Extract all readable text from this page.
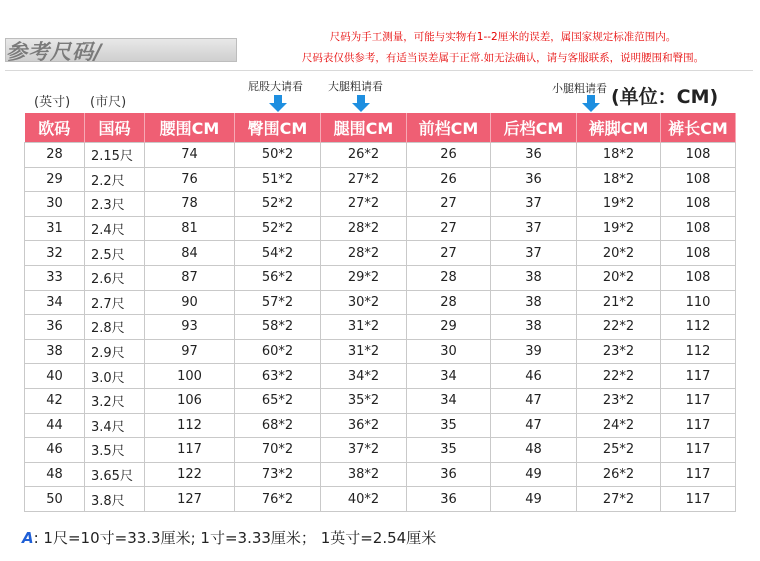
参考尺码/
尺码为手工测量，可能与实物有1--2厘米的误差，属国家规定标准范围内。
尺码表仅供参考，有适当误差属于正常.如无法确认，请与客服联系，说明腰围和臀围。
(英寸) (市尺)
屁股大请看 大腿粗请看	小腿粗请看 (单位：CM)
欧码	国码	腰围CM	臀围CM	腿围CM	前档CM	后档CM	裤脚CM	裤长CM
28	2.15尺	74	50*2	26*2	26	36	18*2	108
29	2.2尺	76	51*2	27*2	26	36	18*2	108
30	2.3尺	78	52*2	27*2	27	37	19*2	108
31	2.4尺	81	52*2	28*2	27	37	19*2	108
32	2.5尺	84	54*2	28*2	27	37	20*2	108
33	2.6尺	87	56*2	29*2	28	38	20*2	108
34	2.7尺	90	57*2	30*2	28	38	21*2	110
36	2.8尺	93	58*2	31*2	29	38	22*2	112
38	2.9尺	97	60*2	31*2	30	39	23*2	112
40	3.0尺	100	63*2	34*2	34	46	22*2	117
42	3.2尺	106	65*2	35*2	34	47	23*2	117
44	3.4尺	112	68*2	36*2	35	47	24*2	117
46	3.5尺	117	70*2	37*2	35	48	25*2	117
48	3.65尺	122	73*2	38*2	36	49	26*2	117
50	3.8尺	127	76*2	40*2	36	49	27*2	117
A: 1尺=10寸=33.3厘米; 1寸=3.33厘米； 1英寸=2.54厘米
